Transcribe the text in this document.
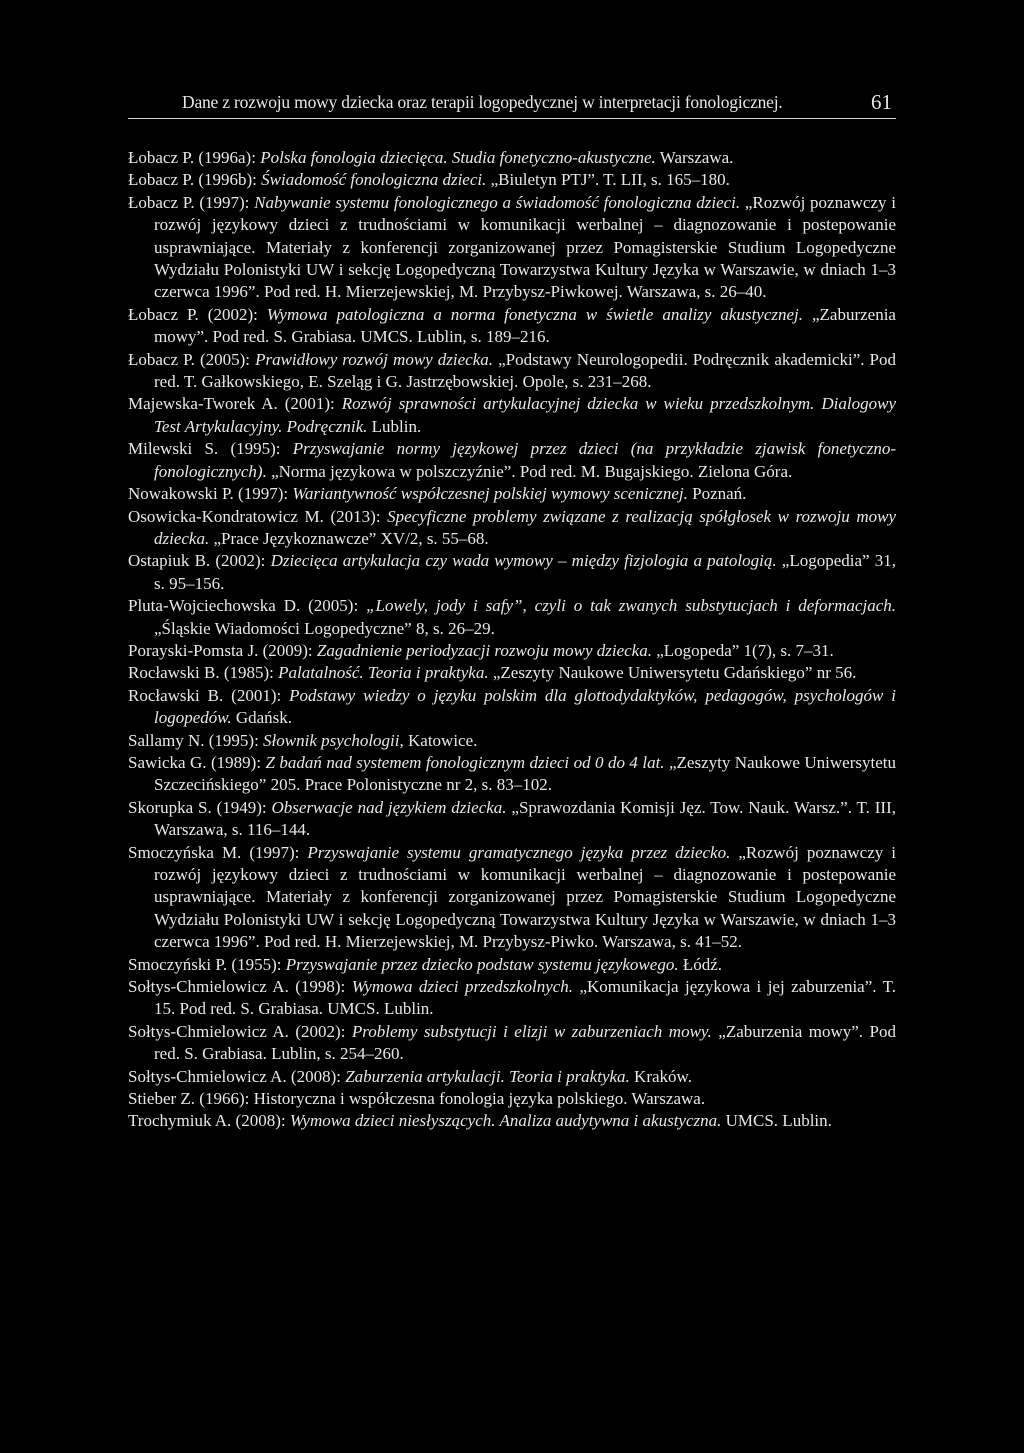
Dane z rozwoju mowy dziecka oraz terapii logopedycznej w interpretacji fonologicznej.	61

Łobacz P. (1996a): Polska fonologia dziecięca. Studia fonetyczno-akustyczne. Warszawa.

Łobacz P. (1996b): Świadomość fonologiczna dzieci. „Biuletyn PTJ”. T. LII, s. 165–180.

Łobacz P. (1997): Nabywanie systemu fonologicznego a świadomość fonologiczna dzieci. „Rozwój poznawczy i rozwój językowy dzieci z trudnościami w komunikacji werbalnej – diagnozowanie i postepowanie usprawniające. Materiały z konferencji zorganizowanej przez Pomagisterskie Studium Logopedyczne Wydziału Polonistyki UW i sekcję Logopedyczną Towarzystwa Kultury Języka w Warszawie, w dniach 1–3 czerwca 1996”. Pod red. H. Mierzejewskiej, M. Przybysz-Piwkowej. Warszawa, s. 26–40.

Łobacz P. (2002): Wymowa patologiczna a norma fonetyczna w świetle analizy akustycznej. „Zaburzenia mowy”. Pod red. S. Grabiasa. UMCS. Lublin, s. 189–216.

Łobacz P. (2005): Prawidłowy rozwój mowy dziecka. „Podstawy Neurologopedii. Podręcznik akademicki”. Pod red. T. Gałkowskiego, E. Szeląg i G. Jastrzębowskiej. Opole, s. 231–268.

Majewska-Tworek A. (2001): Rozwój sprawności artykulacyjnej dziecka w wieku przedszkolnym. Dialogowy Test Artykulacyjny. Podręcznik. Lublin.

Milewski S. (1995): Przyswajanie normy językowej przez dzieci (na przykładzie zjawisk fonetyczno-fonologicznych). „Norma językowa w polszczyźnie”. Pod red. M. Bugajskiego. Zielona Góra.

Nowakowski P. (1997): Wariantywność współczesnej polskiej wymowy scenicznej. Poznań.

Osowicka-Kondratowicz M. (2013): Specyficzne problemy związane z realizacją spółgłosek w rozwoju mowy dziecka. „Prace Językoznawcze” XV/2, s. 55–68.

Ostapiuk B. (2002): Dziecięca artykulacja czy wada wymowy – między fizjologia a patologią. „Logopedia” 31, s. 95–156.

Pluta-Wojciechowska D. (2005): „Lowely, jody i safy”, czyli o tak zwanych substytucjach i deformacjach. „Śląskie Wiadomości Logopedyczne” 8, s. 26–29.

Porayski-Pomsta J. (2009): Zagadnienie periodyzacji rozwoju mowy dziecka. „Logopeda” 1(7), s. 7–31.

Rocławski B. (1985): Palatalność. Teoria i praktyka. „Zeszyty Naukowe Uniwersytetu Gdańskiego” nr 56.

Rocławski B. (2001): Podstawy wiedzy o języku polskim dla glottodydaktyków, pedagogów, psychologów i logopedów. Gdańsk.

Sallamy N. (1995): Słownik psychologii, Katowice.

Sawicka G. (1989): Z badań nad systemem fonologicznym dzieci od 0 do 4 lat. „Zeszyty Naukowe Uniwersytetu Szczecińskiego” 205. Prace Polonistyczne nr 2, s. 83–102.

Skorupka S. (1949): Obserwacje nad językiem dziecka. „Sprawozdania Komisji Jęz. Tow. Nauk. Warsz.”. T. III, Warszawa, s. 116–144.

Smoczyńska M. (1997): Przyswajanie systemu gramatycznego języka przez dziecko. „Rozwój poznawczy i rozwój językowy dzieci z trudnościami w komunikacji werbalnej – diagnozowanie i postepowanie usprawniające. Materiały z konferencji zorganizowanej przez Pomagisterskie Studium Logopedyczne Wydziału Polonistyki UW i sekcję Logopedyczną Towarzystwa Kultury Języka w Warszawie, w dniach 1–3 czerwca 1996”. Pod red. H. Mierzejewskiej, M. Przybysz-Piwko. Warszawa, s. 41–52.

Smoczyński P. (1955): Przyswajanie przez dziecko podstaw systemu językowego. Łódź.

Sołtys-Chmielowicz A. (1998): Wymowa dzieci przedszkolnych. „Komunikacja językowa i jej zaburzenia”. T. 15. Pod red. S. Grabiasa. UMCS. Lublin.

Sołtys-Chmielowicz A. (2002): Problemy substytucji i elizji w zaburzeniach mowy. „Zaburzenia mowy”. Pod red. S. Grabiasa. Lublin, s. 254–260.

Sołtys-Chmielowicz A. (2008): Zaburzenia artykulacji. Teoria i praktyka. Kraków.

Stieber Z. (1966): Historyczna i współczesna fonologia języka polskiego. Warszawa.

Trochymiuk A. (2008): Wymowa dzieci niesłyszących. Analiza audytywna i akustyczna. UMCS. Lublin.
